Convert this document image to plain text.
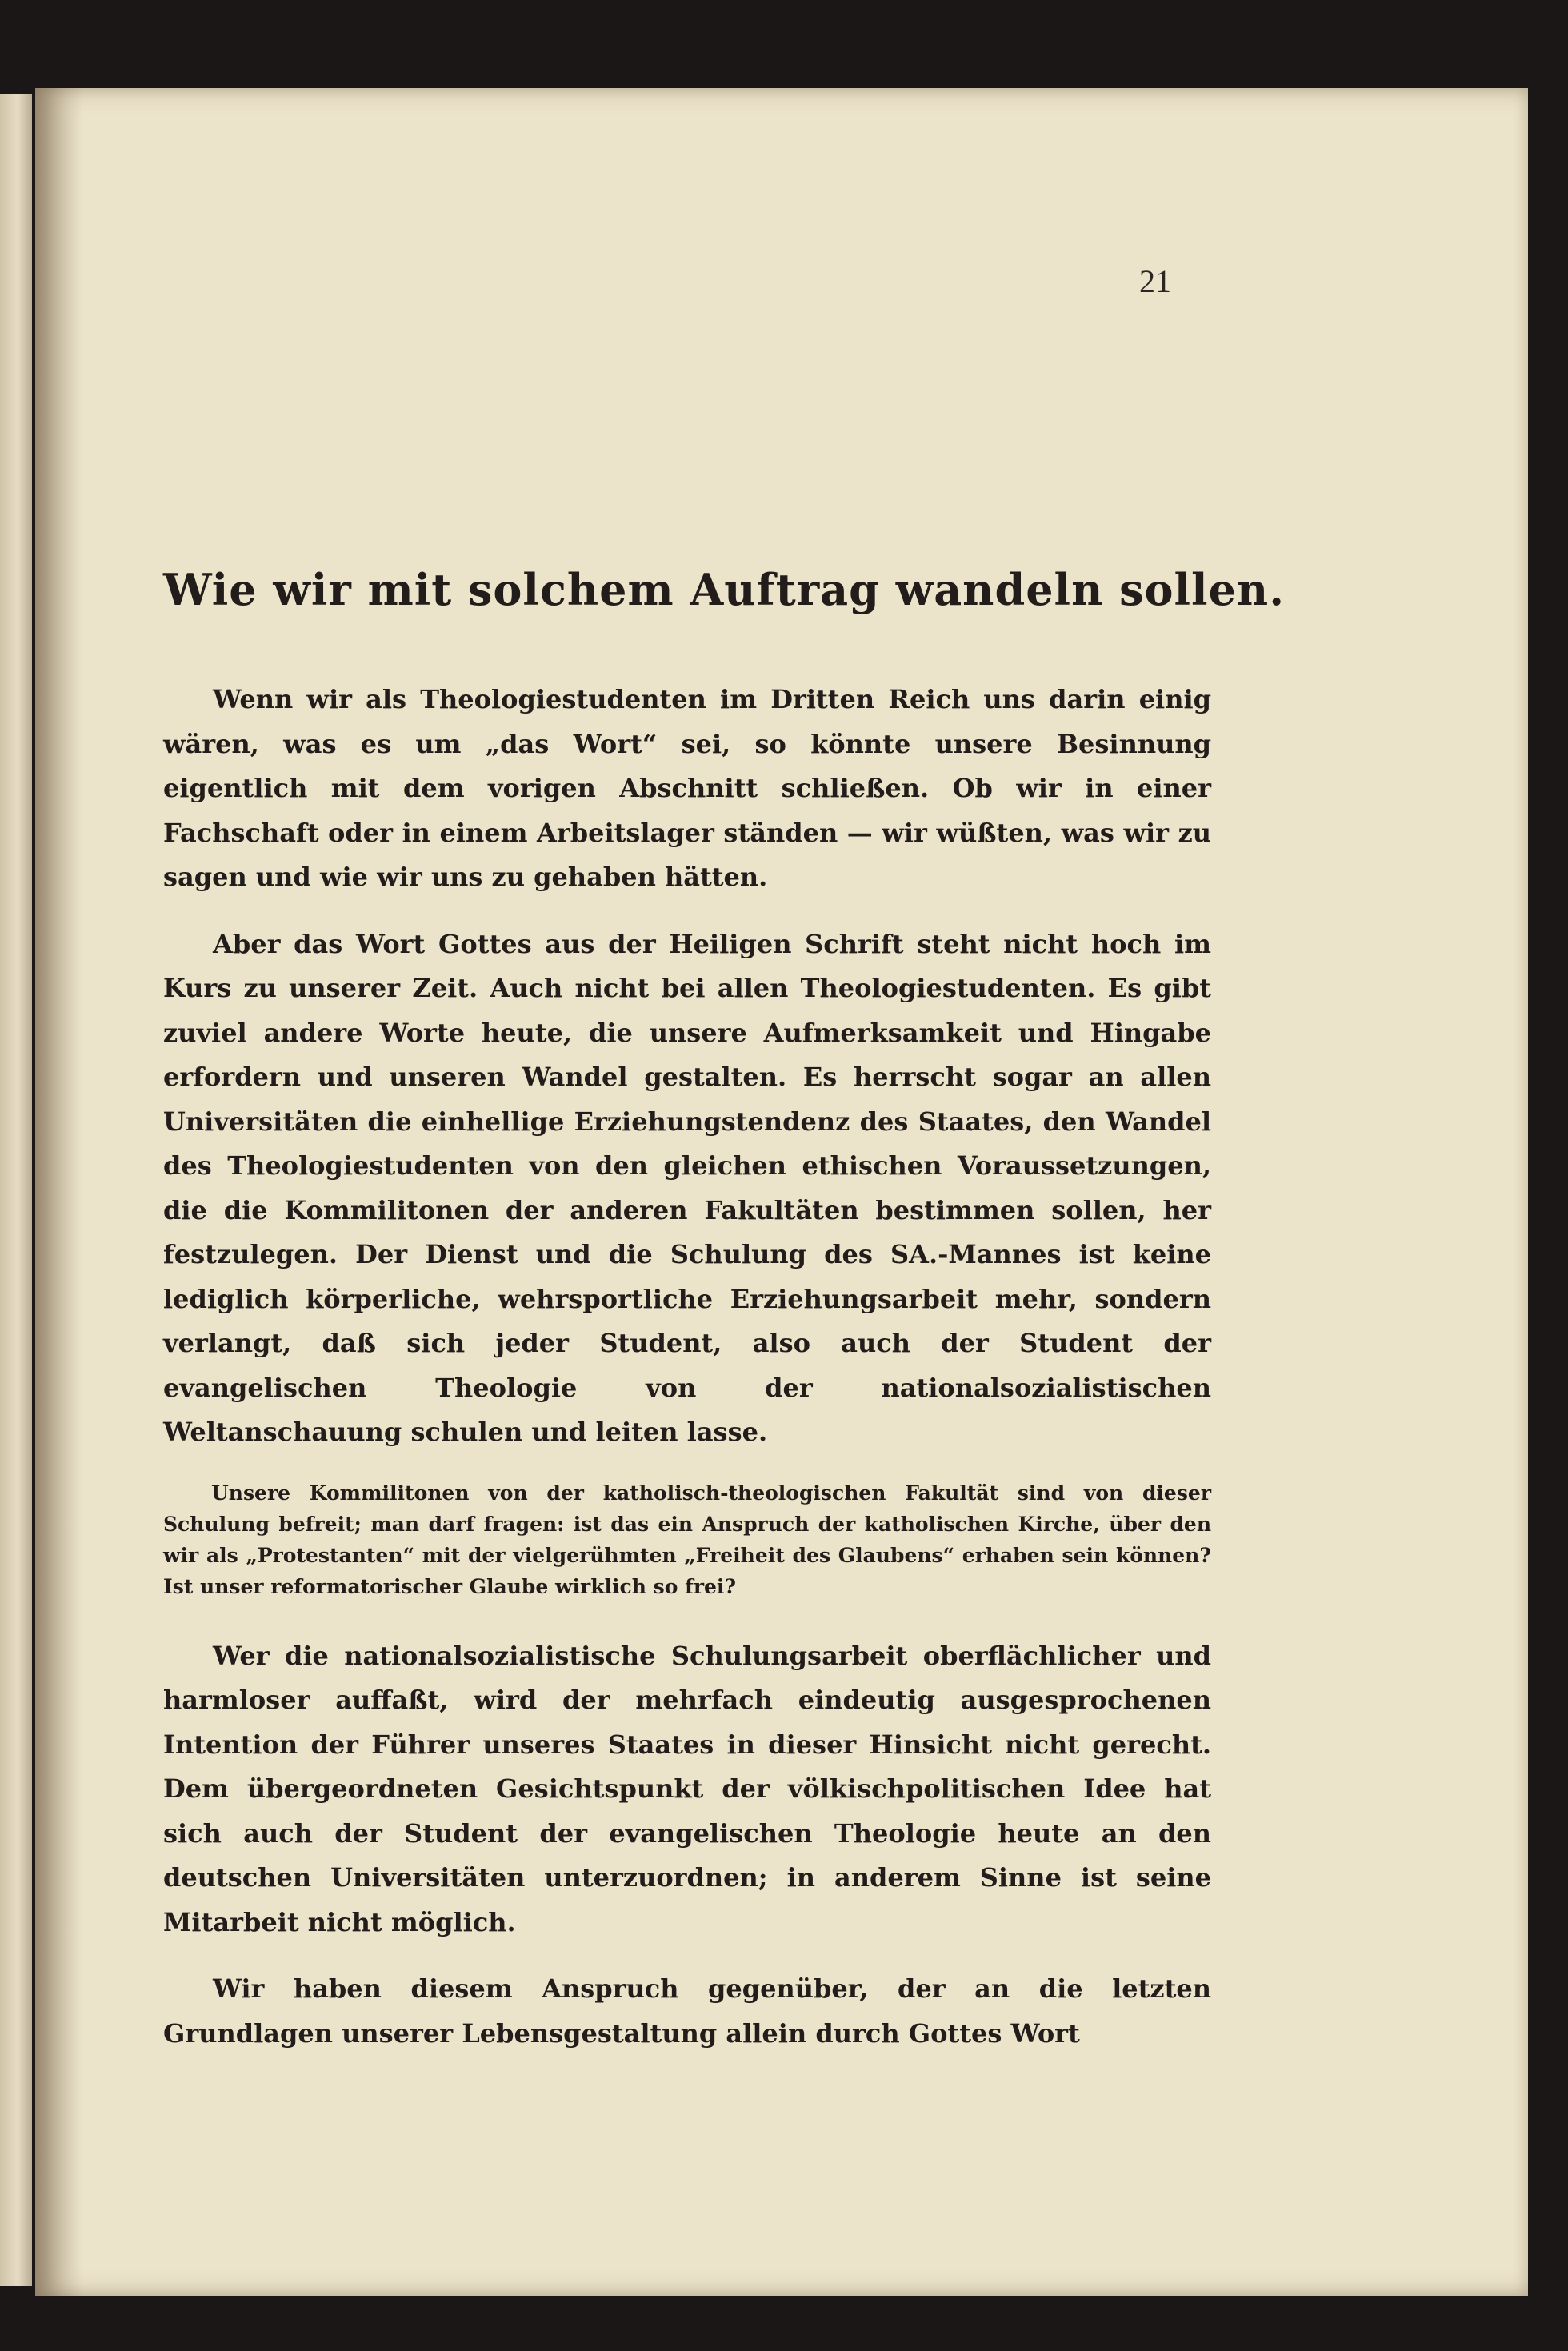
21
Wie wir mit solchem Auftrag wandeln sollen.

Wenn wir als Theologiestudenten im Dritten Reich uns darin einig wären, was es um „das Wort“ sei, so könnte unsere Besinnung eigentlich mit dem vorigen Abschnitt schließen. Ob wir in einer Fachschaft oder in einem Arbeitslager ständen — wir wüßten, was wir zu sagen und wie wir uns zu gehaben hätten.

Aber das Wort Gottes aus der Heiligen Schrift steht nicht hoch im Kurs zu unserer Zeit. Auch nicht bei allen Theologiestudenten. Es gibt zuviel andere Worte heute, die unsere Aufmerksamkeit und Hingabe erfordern und unseren Wandel gestalten. Es herrscht sogar an allen Universitäten die einhellige Erziehungstendenz des Staates, den Wandel des Theologiestudenten von den gleichen ethischen Voraussetzungen, die die Kommilitonen der anderen Fakultäten bestimmen sollen, her festzulegen. Der Dienst und die Schulung des SA.-Mannes ist keine lediglich körperliche, wehrsportliche Erziehungsarbeit mehr, sondern verlangt, daß sich jeder Student, also auch der Student der evangelischen Theologie von der nationalsozialistischen Weltanschauung schulen und leiten lasse.

Unsere Kommilitonen von der katholisch-theologischen Fakultät sind von dieser Schulung befreit; man darf fragen: ist das ein Anspruch der katholischen Kirche, über den wir als „Protestanten“ mit der vielgerühmten „Freiheit des Glaubens“ erhaben sein können? Ist unser reformatorischer Glaube wirklich so frei?

Wer die nationalsozialistische Schulungsarbeit oberflächlicher und harmloser auffaßt, wird der mehrfach eindeutig ausgesprochenen Intention der Führer unseres Staates in dieser Hinsicht nicht gerecht. Dem übergeordneten Gesichtspunkt der völkischpolitischen Idee hat sich auch der Student der evangelischen Theologie heute an den deutschen Universitäten unterzuordnen; in anderem Sinne ist seine Mitarbeit nicht möglich.

Wir haben diesem Anspruch gegenüber, der an die letzten Grundlagen unserer Lebensgestaltung allein durch Gottes Wort
